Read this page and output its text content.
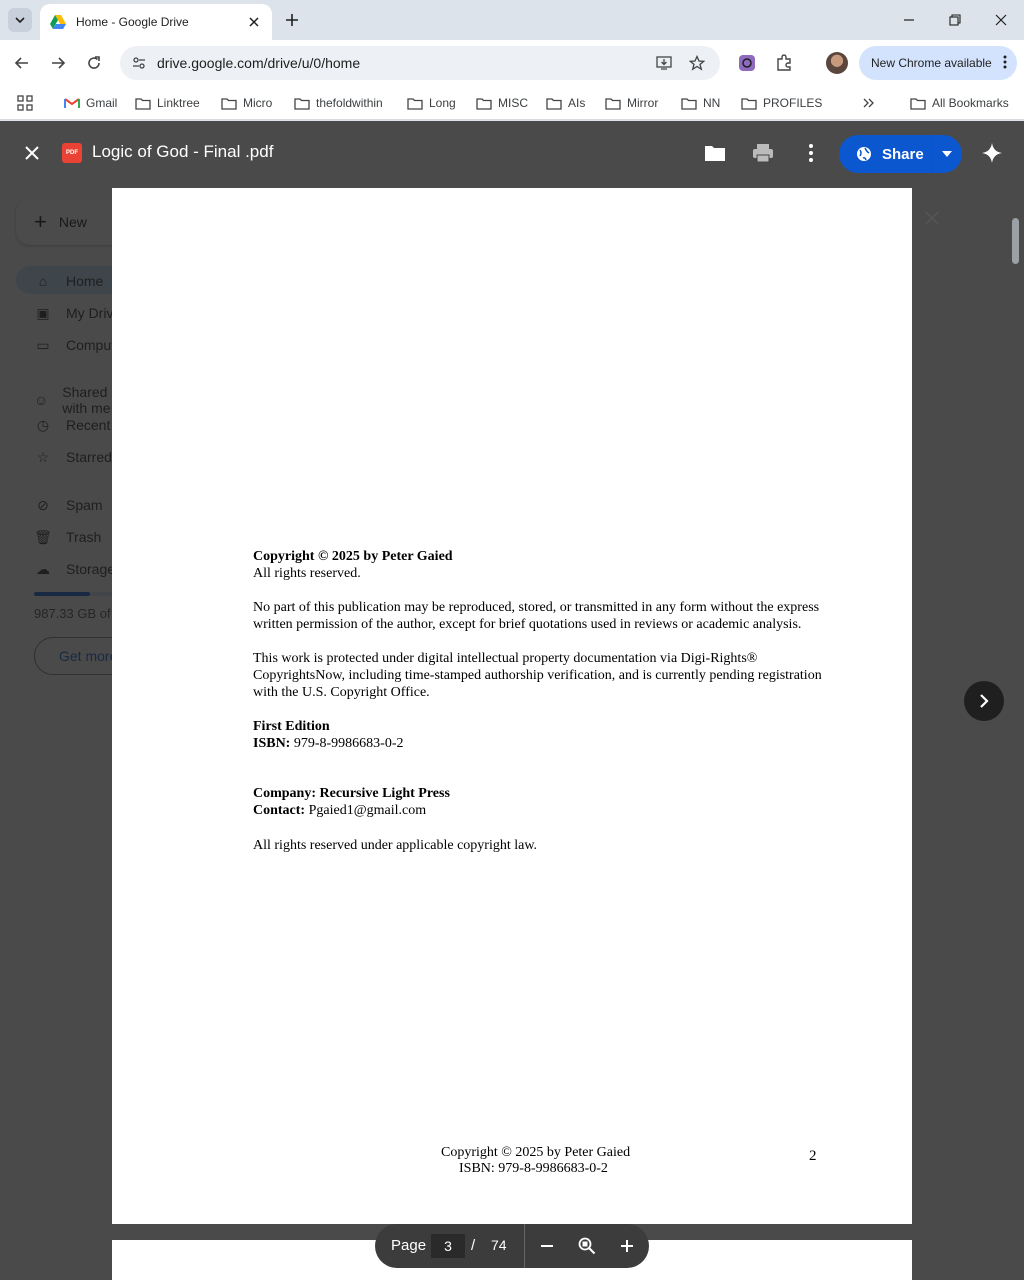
Home - Google Drive
drive.google.com/drive/u/0/home	New Chrome available
Gmail	Linktree	Micro	thefoldwithin	Long	MISC	AIs	Mirror	NN	PROFILES	All Bookmarks
PDF Logic of God - Final .pdf	Share
Copyright © 2025 by Peter Gaied

All rights reserved.

No part of this publication may be reproduced, stored, or transmitted in any form without the express written permission of the author, except for brief quotations used in reviews or academic analysis.

This work is protected under digital intellectual property documentation via Digi-Rights® CopyrightsNow, including time-stamped authorship verification, and is currently pending registration with the U.S. Copyright Office.

First Edition
ISBN: 979-8-9986683-0-2
Company: Recursive Light Press
Contact: Pgaied1@gmail.com
All rights reserved under applicable copyright law.
Copyright © 2025 by Peter Gaied
ISBN: 979-8-9986683-0-2
2
Page
3	/ 74
